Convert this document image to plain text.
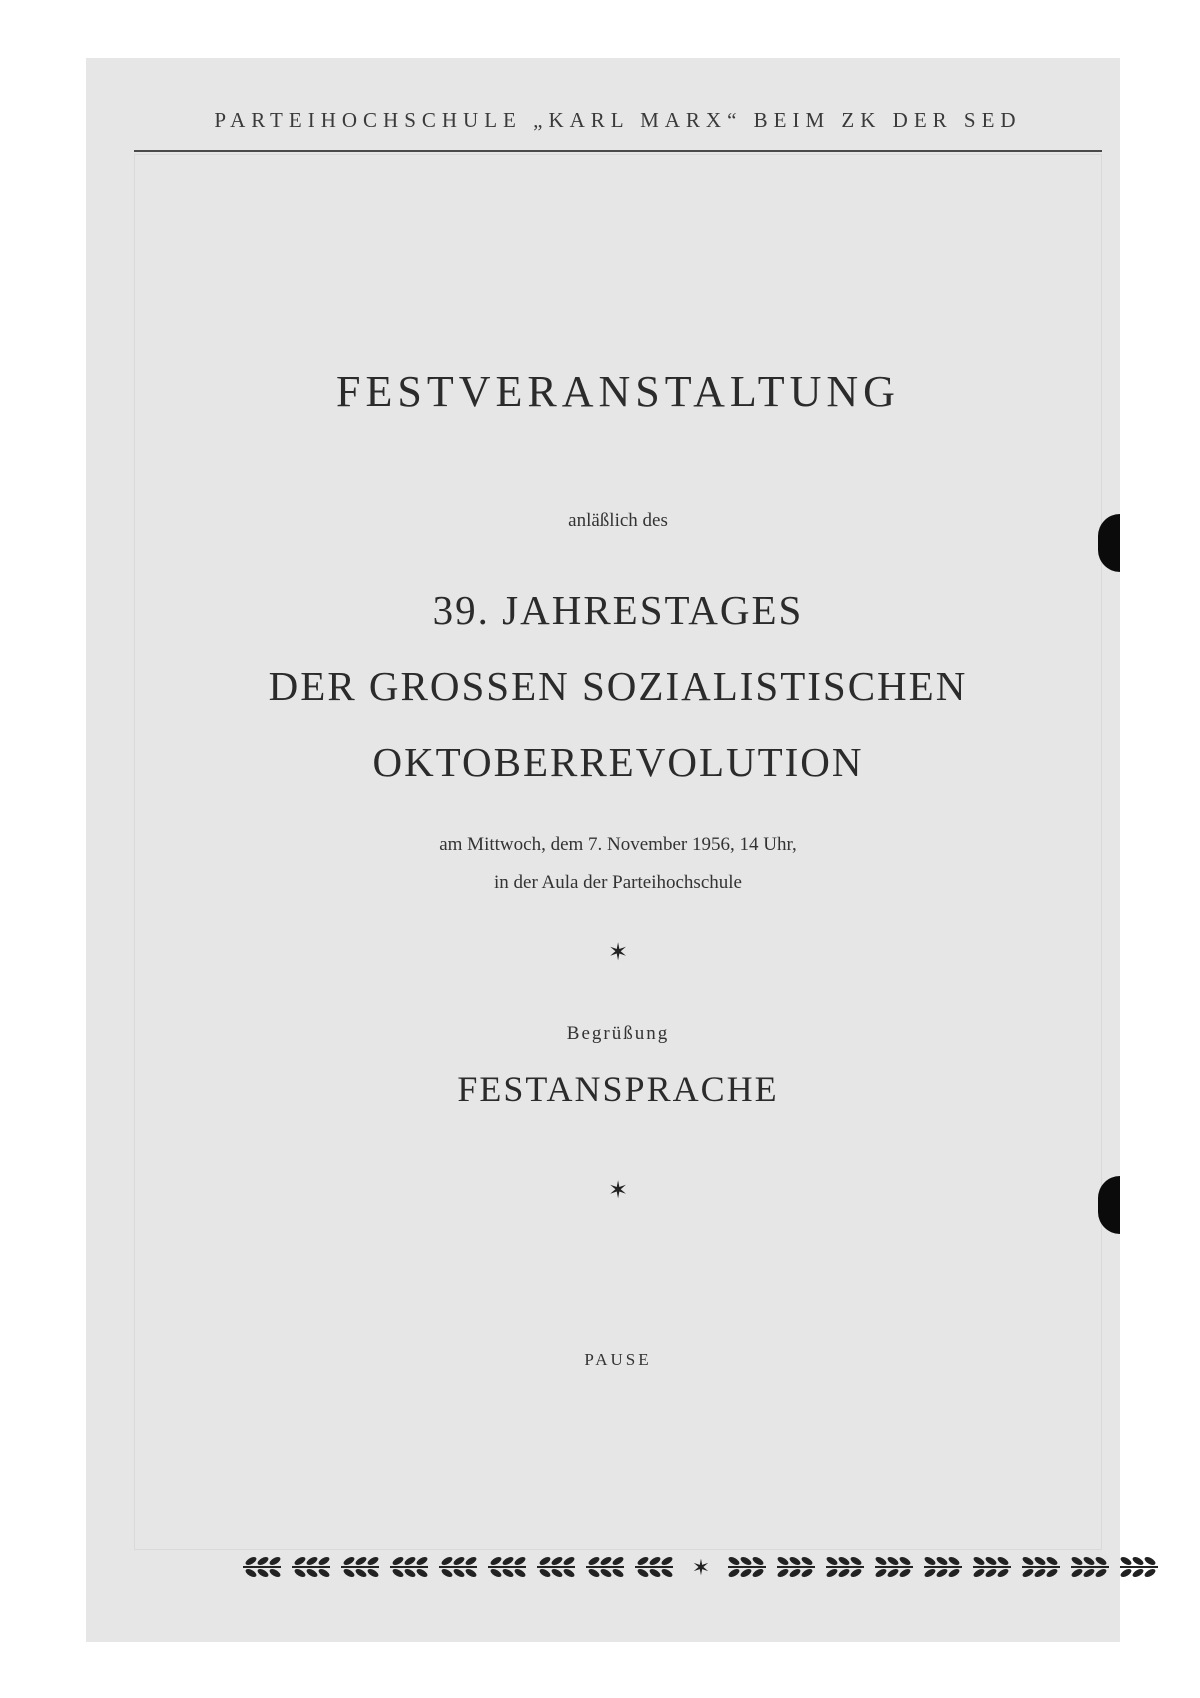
PARTEIHOCHSCHULE „KARL MARX“ BEIM ZK DER SED
FESTVERANSTALTUNG
anläßlich des
39. JAHRESTAGES
DER GROSSEN SOZIALISTISCHEN
OKTOBERREVOLUTION
am Mittwoch, dem 7. November 1956, 14 Uhr,
in der Aula der Parteihochschule
✶
Begrüßung
FESTANSPRACHE
✶
PAUSE
✶
